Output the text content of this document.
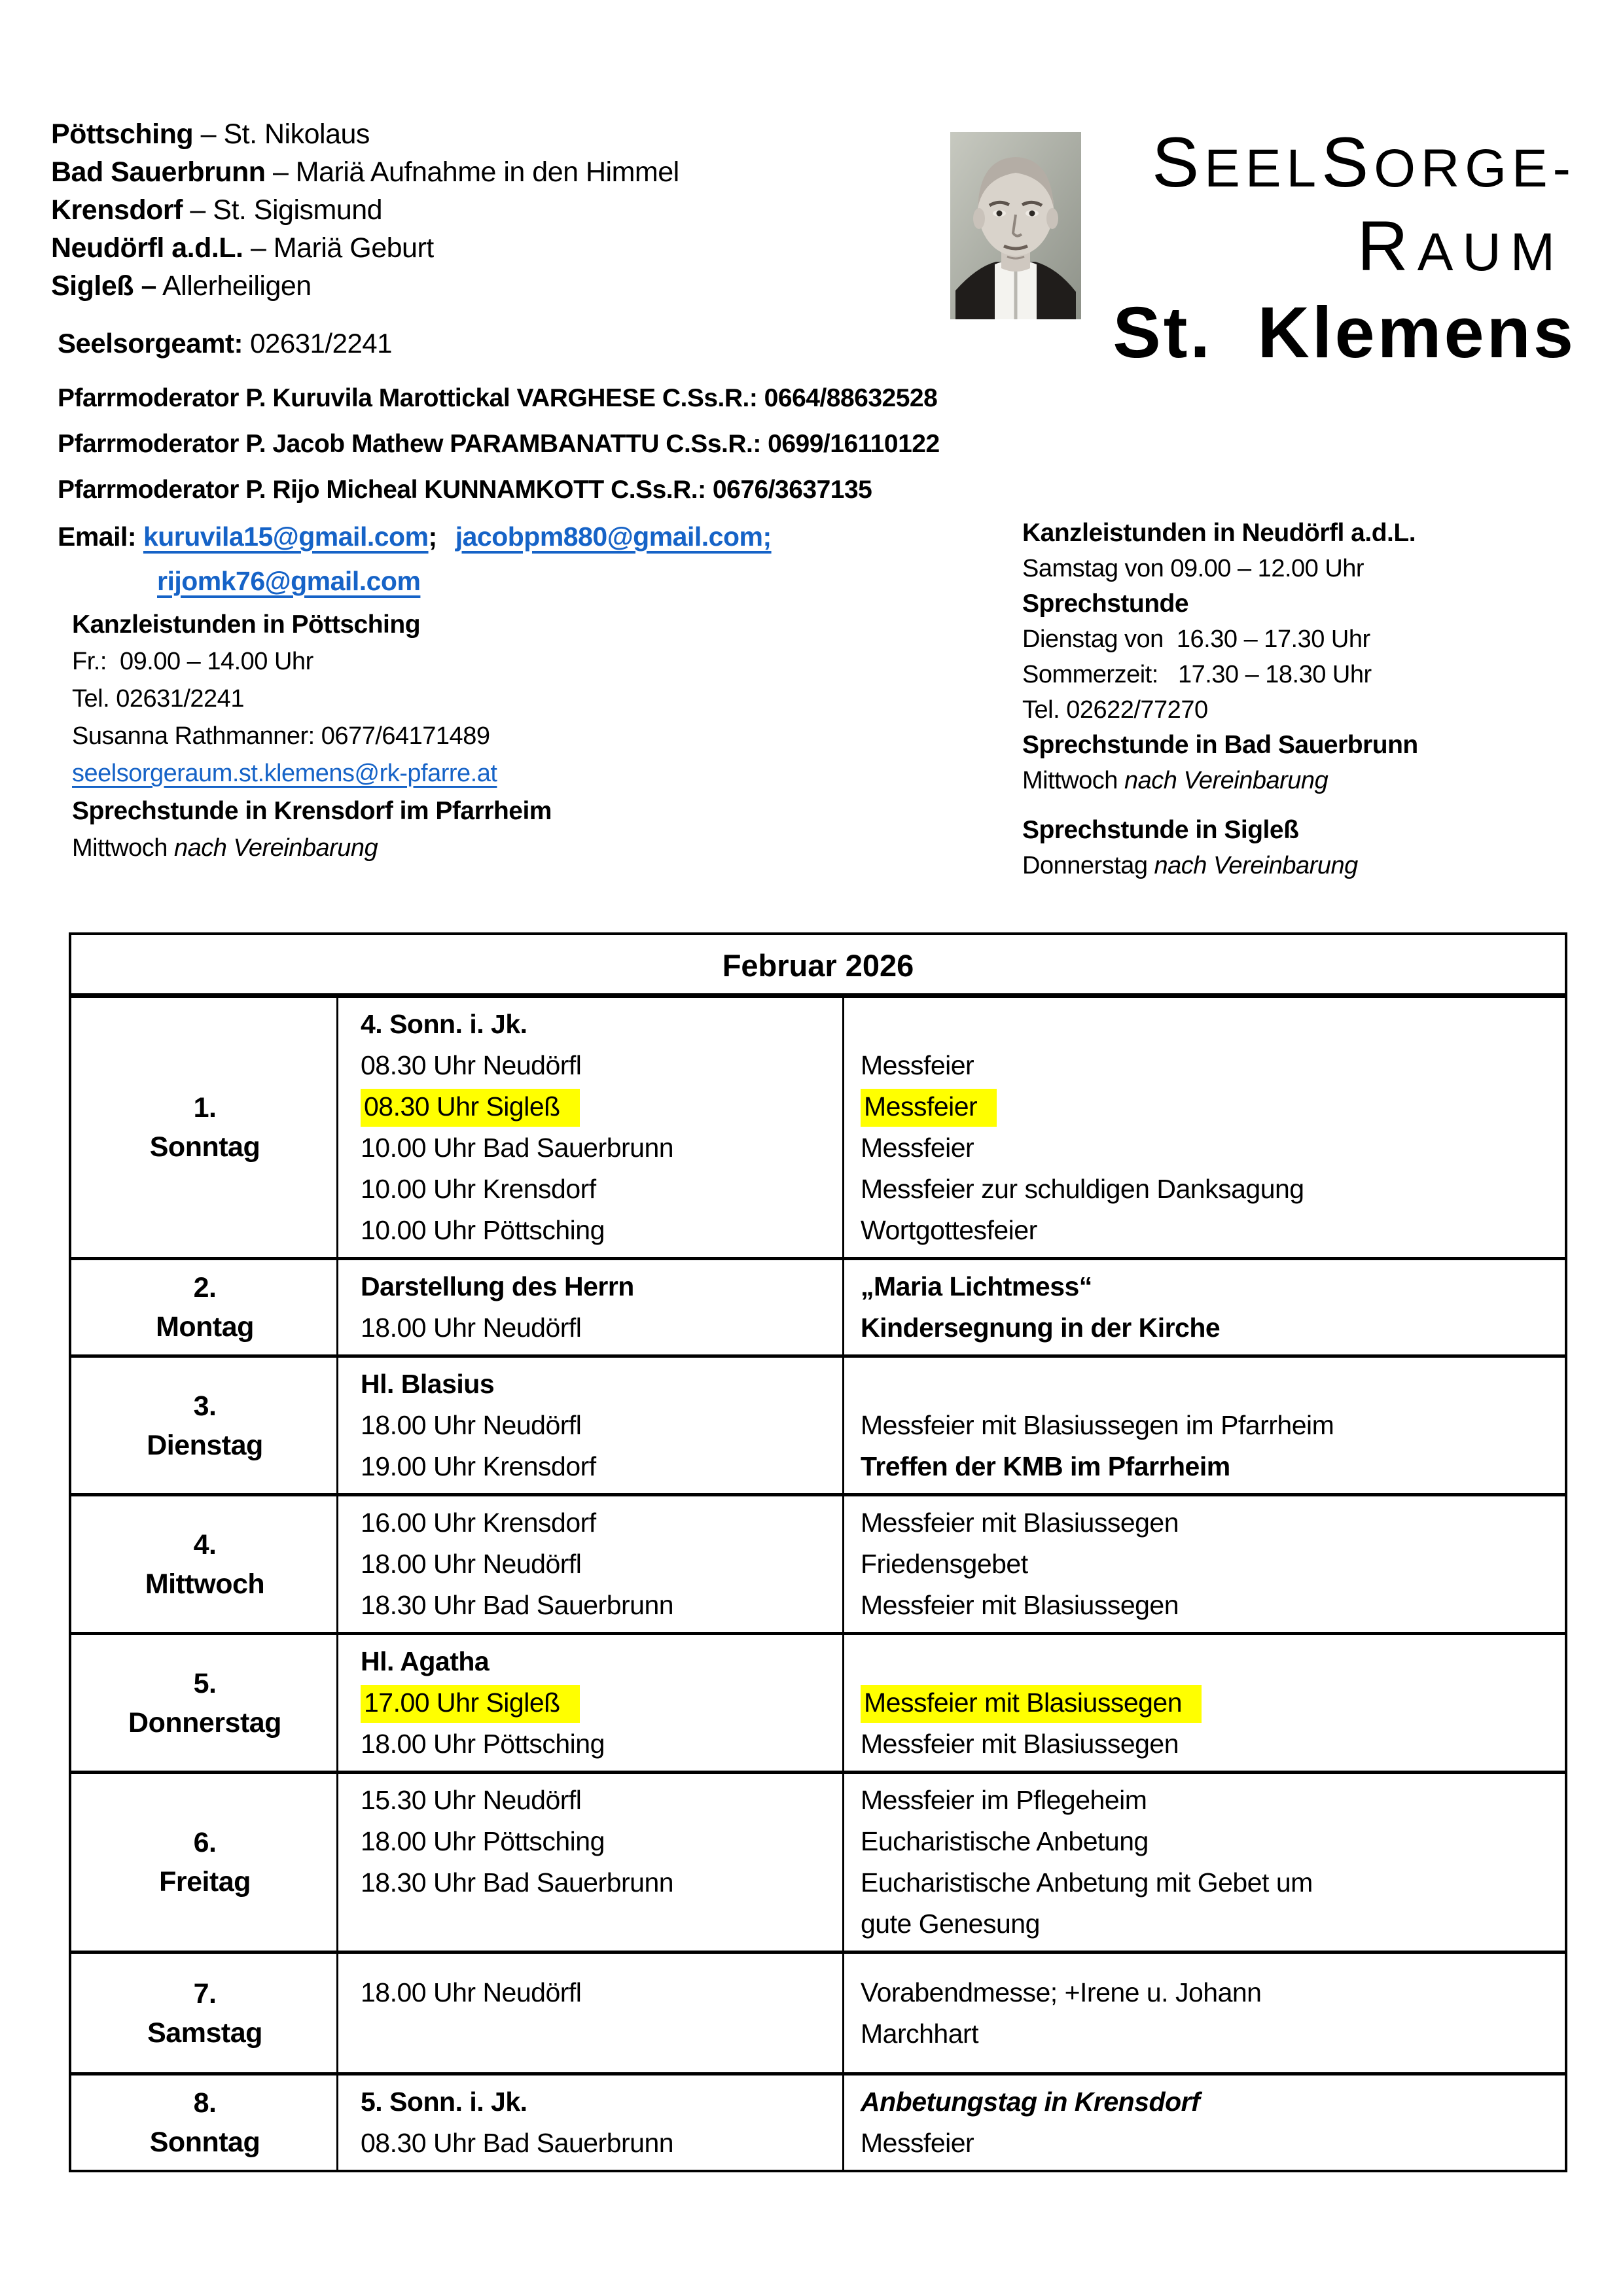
Pöttsching – St. Nikolaus
Bad Sauerbrunn – Mariä Aufnahme in den Himmel
Krensdorf – St. Sigismund
Neudörfl a.d.L. – Mariä Geburt
Sigleß – Allerheiligen
SEELSORGE-
RAUM
St. Klemens
Seelsorgeamt: 02631/2241
Pfarrmoderator P. Kuruvila Marottickal VARGHESE C.Ss.R.: 0664/88632528
Pfarrmoderator P. Jacob Mathew PARAMBANATTU C.Ss.R.: 0699/16110122
Pfarrmoderator P. Rijo Micheal KUNNAMKOTT C.Ss.R.: 0676/3637135
Email: kuruvila15@gmail.com; jacobpm880@gmail.com;
rijomk76@gmail.com
Kanzleistunden in Pöttsching
Fr.:  09.00 – 14.00 Uhr
Tel. 02631/2241
Susanna Rathmanner: 0677/64171489
seelsorgeraum.st.klemens@rk-pfarre.at
Sprechstunde in Krensdorf im Pfarrheim
Mittwoch nach Vereinbarung
Kanzleistunden in Neudörfl a.d.L.
Samstag von 09.00 – 12.00 Uhr
Sprechstunde
Dienstag von  16.30 – 17.30 Uhr
Sommerzeit:   17.30 – 18.30 Uhr
Tel. 02622/77270
Sprechstunde in Bad Sauerbrunn
Mittwoch nach Vereinbarung
Sprechstunde in Sigleß
Donnerstag nach Vereinbarung
Februar 2026
1.
Sonntag
4. Sonn. i. Jk.
08.30 Uhr Neudörfl	Messfeier
08.30 Uhr Sigleß	Messfeier
10.00 Uhr Bad Sauerbrunn	Messfeier
10.00 Uhr Krensdorf	Messfeier zur schuldigen Danksagung
10.00 Uhr Pöttsching	Wortgottesfeier
2.
Montag
Darstellung des Herrn	„Maria Lichtmess“
18.00 Uhr Neudörfl	Kindersegnung in der Kirche
3.
Dienstag
Hl. Blasius
18.00 Uhr Neudörfl	Messfeier mit Blasiussegen im Pfarrheim
19.00 Uhr Krensdorf	Treffen der KMB im Pfarrheim
4.
Mittwoch
16.00 Uhr Krensdorf	Messfeier mit Blasiussegen
18.00 Uhr Neudörfl	Friedensgebet
18.30 Uhr Bad Sauerbrunn	Messfeier mit Blasiussegen
5.
Donnerstag
Hl. Agatha
17.00 Uhr Sigleß	Messfeier mit Blasiussegen
18.00 Uhr Pöttsching	Messfeier mit Blasiussegen
6.
Freitag
15.30 Uhr Neudörfl	Messfeier im Pflegeheim
18.00 Uhr Pöttsching	Eucharistische Anbetung
18.30 Uhr Bad Sauerbrunn	Eucharistische Anbetung mit Gebet um
gute Genesung
7.
Samstag
18.00 Uhr Neudörfl	Vorabendmesse; +Irene u. Johann
Marchhart
8.
Sonntag
5. Sonn. i. Jk.	Anbetungstag in Krensdorf
08.30 Uhr Bad Sauerbrunn	Messfeier
